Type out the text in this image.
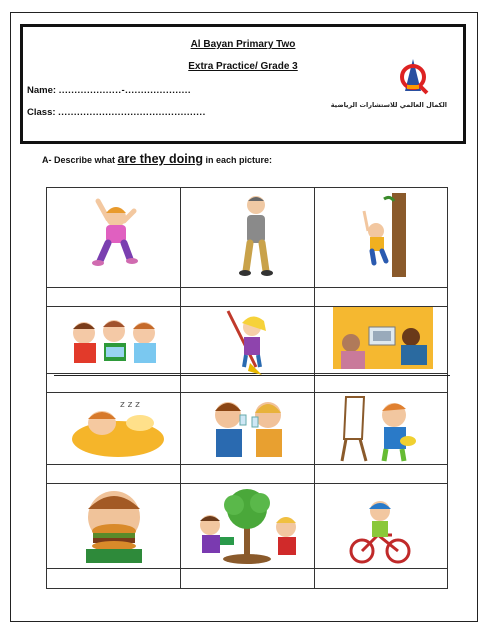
Al Bayan Primary Two
Extra Practice/ Grade 3
Name: ....................-.....................
Class: ...............................................
الكمال العالمي للاستشارات الرياضية
A- Describe what are they doing in each picture:
z z z
